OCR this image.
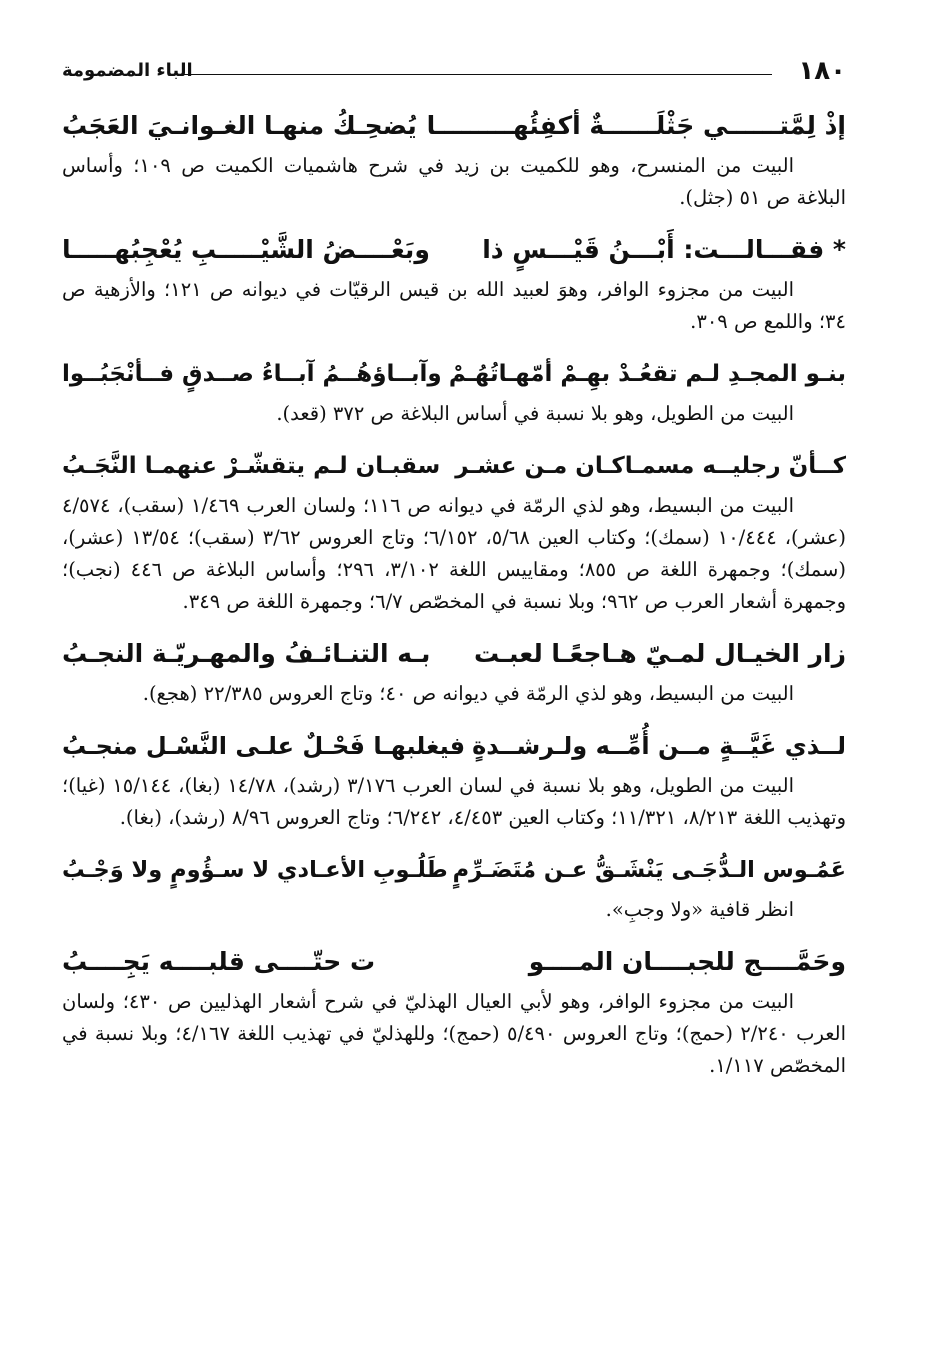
١٨٠
الباء المضمومة
إذْ لِمَّتــــــي جَثْلَــــــةٌ أكفِئُهـــــــــا
يُضحِـكُ منهـا الغـوانـيَ العَجَبُ

البيت من المنسرح، وهو للكميت بن زيد في شرح هاشميات الكميت ص ١٠٩؛ وأساس البلاغة ص ٥١ (جثل).

* فقـــالـــت: أَبْـــنُ قَيْـــسٍ ذا
وبَعْــــضُ الشَّيْـــــبِ يُعْجِبُهـــــا

البيت من مجزوء الوافر، وهوَ لعبيد الله بن قيس الرقيّات في ديوانه ص ١٢١؛ والأزهية ص ٣٤؛ واللمع ص ٣٠٩.

بنـو المجـدِ لـم تقعُـدْ بهِـمْ أمّهـاتُهُـمْ
وآبــاؤهُــمُ آبــاءُ صــدقٍ فــأنْجَبُــوا

البيت من الطويل، وهو بلا نسبة في أساس البلاغة ص ٣٧٢ (قعد).

كــأنّ رجليــه مسمـاكـان مـن عشـر
سقبـان لـم يتقشّـرْ عنهمـا النَّجَـبُ

البيت من البسيط، وهو لذي الرمّة في ديوانه ص ١١٦؛ ولسان العرب ١/٤٦٩ (سقب)، ٤/٥٧٤ (عشر)، ١٠/٤٤٤ (سمك)؛ وكتاب العين ٥/٦٨، ٦/١٥٢؛ وتاج العروس ٣/٦٢ (سقب)؛ ١٣/٥٤ (عشر)، (سمك)؛ وجمهرة اللغة ص ٨٥٥؛ ومقاييس اللغة ٣/١٠٢، ٢٩٦؛ وأساس البلاغة ص ٤٤٦ (نجب)؛ وجمهرة أشعار العرب ص ٩٦٢؛ وبلا نسبة في المخصّص ٦/٧؛ وجمهرة اللغة ص ٣٤٩.

زار الخيـال لمـيّ هـاجعًـا لعبـت
بـه التنـائـفُ والمهـريّـة النجـبُ

البيت من البسيط، وهو لذي الرمّة في ديوانه ص ٤٠؛ وتاج العروس ٢٢/٣٨٥ (هجع).

لــذي غَيَّــةٍ مــن أُمِّــه ولـرشــدةٍ
فيغلبهـا فَحْـلٌ علـى النَّسْـل منجـبُ

البيت من الطويل، وهو بلا نسبة في لسان العرب ٣/١٧٦ (رشد)، ١٤/٧٨ (بغا)، ١٥/١٤٤ (غيا)؛ وتهذيب اللغة ٨/٢١٣، ١١/٣٢١؛ وكتاب العين ٤/٤٥٣، ٦/٢٤٢؛ وتاج العروس ٨/٩٦ (رشد)، (بغا).

عَمُـوس الـدُّجَـى يَنْشَـقُّ عـن مُتَضَـرِّمٍ
طَلُـوبِ الأعـادي لا سـؤُومٍ ولا وَجْـبُ

انظر قافية «ولا وجبِ».

وحَمَّــــج للجبــــان المــــو
ت حتّــــى قلبــــه يَجِــــبُ

البيت من مجزوء الوافر، وهو لأبي العيال الهذليّ في شرح أشعار الهذليين ص ٤٣٠؛ ولسان العرب ٢/٢٤٠ (حمج)؛ وتاج العروس ٥/٤٩٠ (حمج)؛ وللهذليّ في تهذيب اللغة ٤/١٦٧؛ وبلا نسبة في المخصّص ١/١١٧.
